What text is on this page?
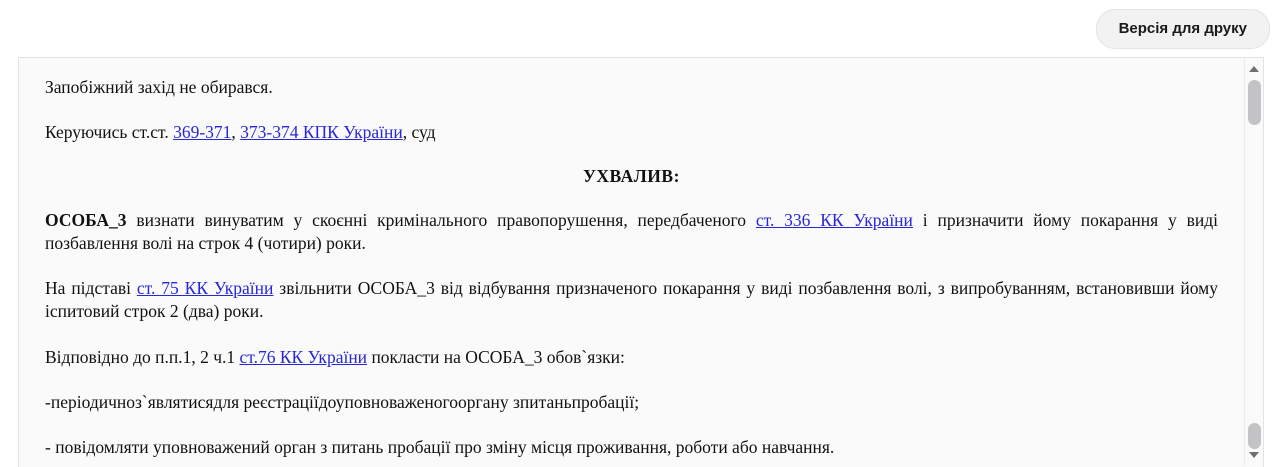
Версія для друку

Запобіжний захід не обирався.

Керуючись ст.ст. 369-371, 373-374 КПК України, суд

УХВАЛИВ:

ОСОБА_3 визнати винуватим у скоєнні кримінального правопорушення, передбаченого ст. 336 КК України і призначити йому покарання у виді позбавлення волі на строк 4 (чотири) роки.

На підставі ст. 75 КК України звільнити ОСОБА_3 від відбування призначеного покарання у виді позбавлення волі, з випробуванням, встановивши йому іспитовий строк 2 (два) роки.

Відповідно до п.п.1, 2 ч.1 ст.76 КК України покласти на ОСОБА_3 обов`язки:

-періодичноз`являтисядля реєстраціїдоуповноваженогооргану зпитаньпробації;

- повідомляти уповноважений орган з питань пробації про зміну місця проживання, роботи або навчання.
